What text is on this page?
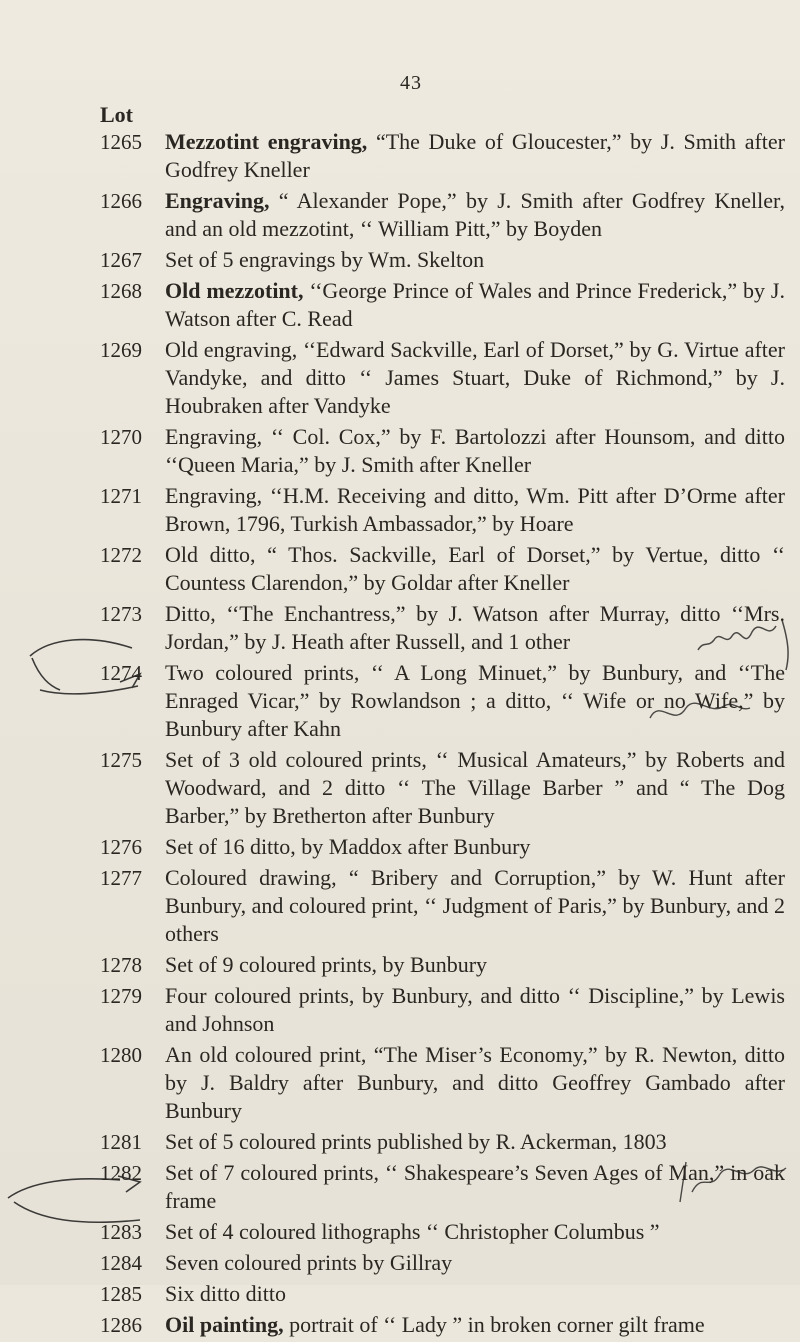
43
Lot
1265	Mezzotint engraving, “The Duke of Gloucester,” by J. Smith after Godfrey Kneller
1266	Engraving, “ Alexander Pope,” by J. Smith after Godfrey Kneller, and an old mezzotint, ‘‘ William Pitt,” by Boyden
1267	Set of 5 engravings by Wm. Skelton
1268	Old mezzotint, ‘‘George Prince of Wales and Prince Frederick,” by J. Watson after C. Read
1269	Old engraving, ‘‘Edward Sackville, Earl of Dorset,” by G. Virtue after Vandyke, and ditto ‘‘ James Stuart, Duke of Richmond,” by J. Houbraken after Vandyke
1270	Engraving, ‘‘ Col. Cox,” by F. Bartolozzi after Hounsom, and ditto ‘‘Queen Maria,” by J. Smith after Kneller
1271	Engraving, ‘‘H.M. Receiving and ditto, Wm. Pitt after D’Orme after Brown, 1796, Turkish Ambassador,” by Hoare
1272	Old ditto, “ Thos. Sackville, Earl of Dorset,” by Vertue, ditto ‘‘ Countess Clarendon,” by Goldar after Kneller
1273	Ditto, ‘‘The Enchantress,” by J. Watson after Murray, ditto ‘‘Mrs. Jordan,” by J. Heath after Russell, and 1 other
1274	Two coloured prints, ‘‘ A Long Minuet,” by Bunbury, and ‘‘The Enraged Vicar,” by Rowlandson ; a ditto, ‘‘ Wife or no Wife,” by Bunbury after Kahn
1275	Set of 3 old coloured prints, ‘‘ Musical Amateurs,” by Roberts and Woodward, and 2 ditto ‘‘ The Village Barber ” and “ The Dog Barber,” by Bretherton after Bunbury
1276	Set of 16 ditto, by Maddox after Bunbury
1277	Coloured drawing, “ Bribery and Corruption,” by W. Hunt after Bunbury, and coloured print, ‘‘ Judgment of Paris,” by Bunbury, and 2 others
1278	Set of 9 coloured prints, by Bunbury
1279	Four coloured prints, by Bunbury, and ditto ‘‘ Discipline,” by Lewis and Johnson
1280	An old coloured print, “The Miser’s Economy,” by R. Newton, ditto by J. Baldry after Bunbury, and ditto Geoffrey Gambado after Bunbury
1281	Set of 5 coloured prints published by R. Ackerman, 1803
1282	Set of 7 coloured prints, ‘‘ Shakespeare’s Seven Ages of Man,” in oak frame
1283	Set of 4 coloured lithographs ‘‘ Christopher Columbus ”
1284	Seven coloured prints by Gillray
1285	Six ditto ditto
1286	Oil painting, portrait of ‘‘ Lady ” in broken corner gilt frame
